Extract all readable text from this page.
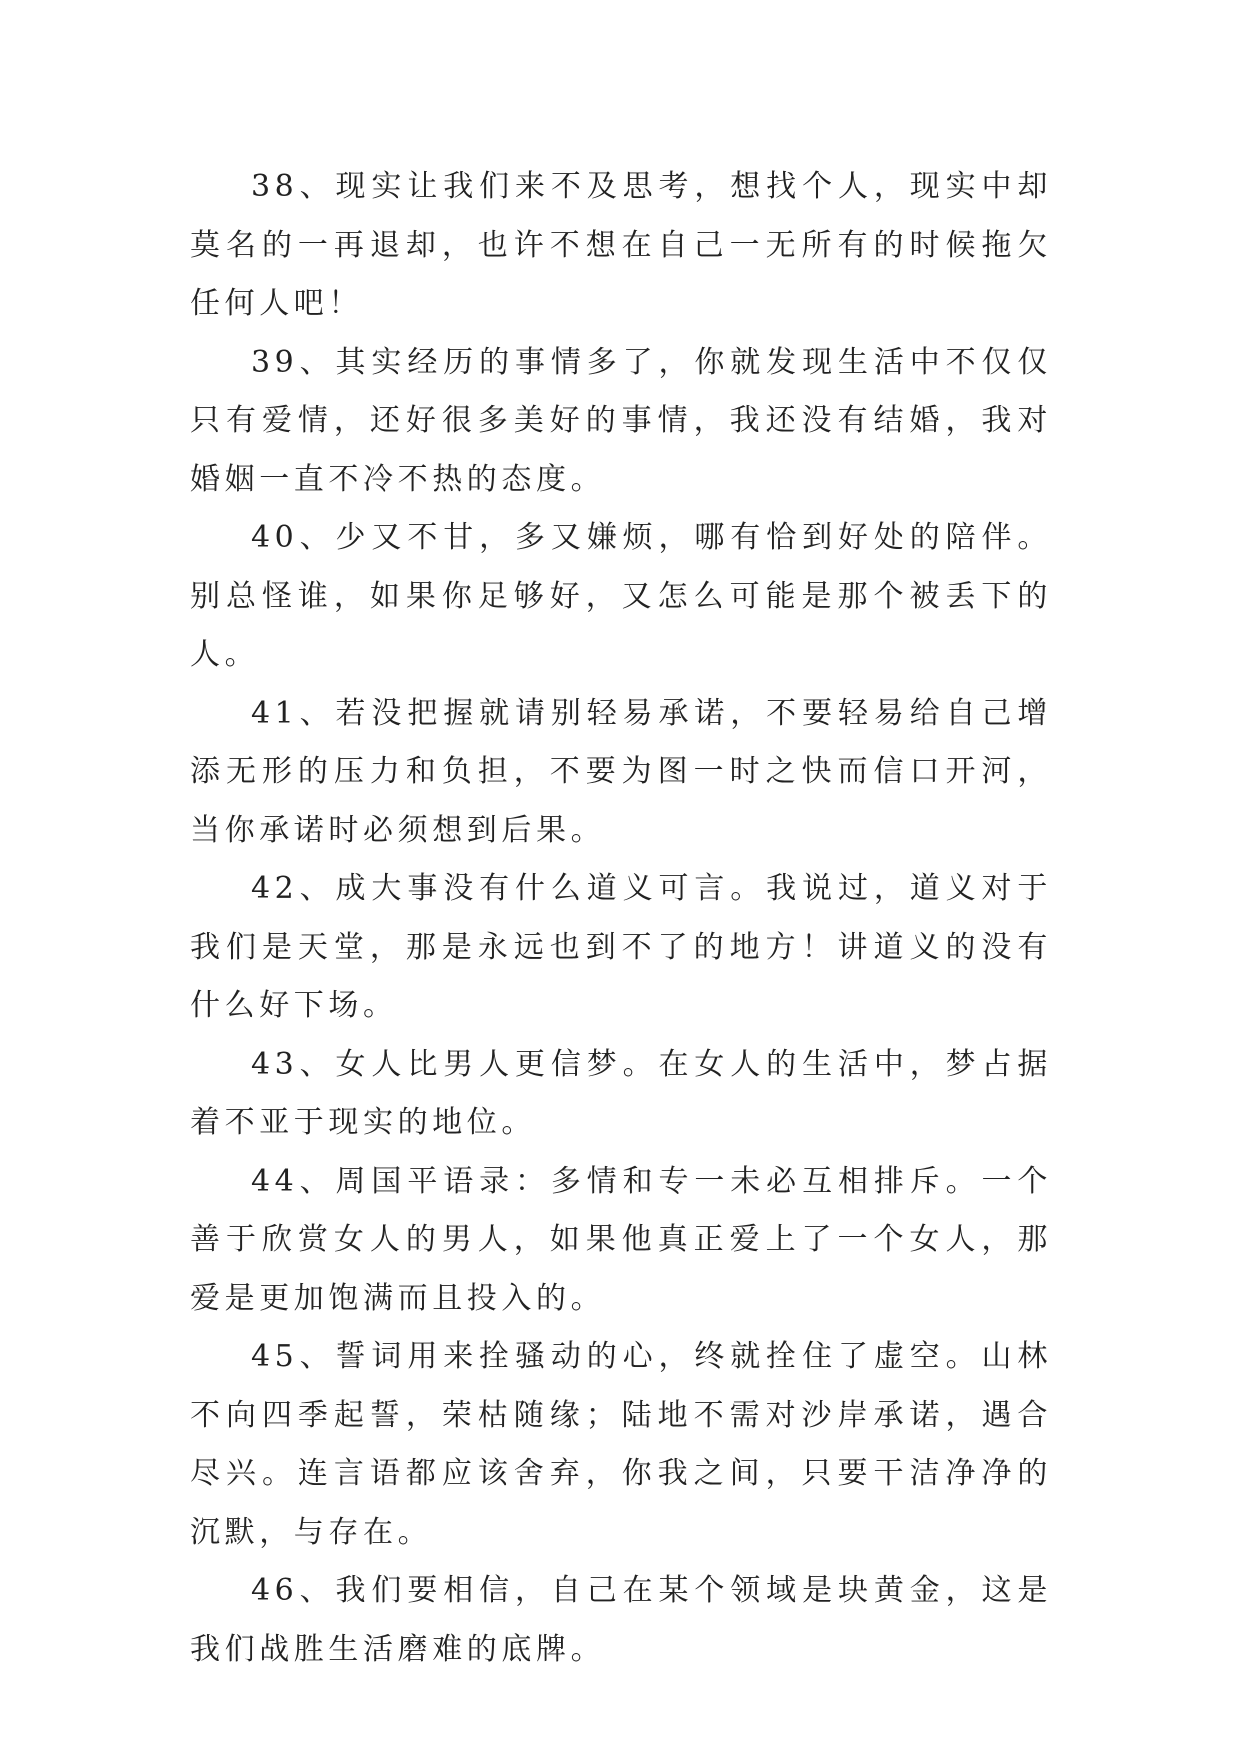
38、现实让我们来不及思考，想找个人，现实中却莫名的一再退却，也许不想在自己一无所有的时候拖欠任何人吧！

39、其实经历的事情多了，你就发现生活中不仅仅只有爱情，还好很多美好的事情，我还没有结婚，我对婚姻一直不冷不热的态度。

40、少又不甘，多又嫌烦，哪有恰到好处的陪伴。别总怪谁，如果你足够好，又怎么可能是那个被丢下的人。

41、若没把握就请别轻易承诺，不要轻易给自己增添无形的压力和负担，不要为图一时之快而信口开河，当你承诺时必须想到后果。

42、成大事没有什么道义可言。我说过，道义对于我们是天堂，那是永远也到不了的地方！讲道义的没有什么好下场。

43、女人比男人更信梦。在女人的生活中，梦占据着不亚于现实的地位。

44、周国平语录：多情和专一未必互相排斥。一个善于欣赏女人的男人，如果他真正爱上了一个女人，那爱是更加饱满而且投入的。

45、誓词用来拴骚动的心，终就拴住了虚空。山林不向四季起誓，荣枯随缘；陆地不需对沙岸承诺，遇合尽兴。连言语都应该舍弃，你我之间，只要干洁净净的沉默，与存在。

46、我们要相信，自己在某个领域是块黄金，这是我们战胜生活磨难的底牌。
